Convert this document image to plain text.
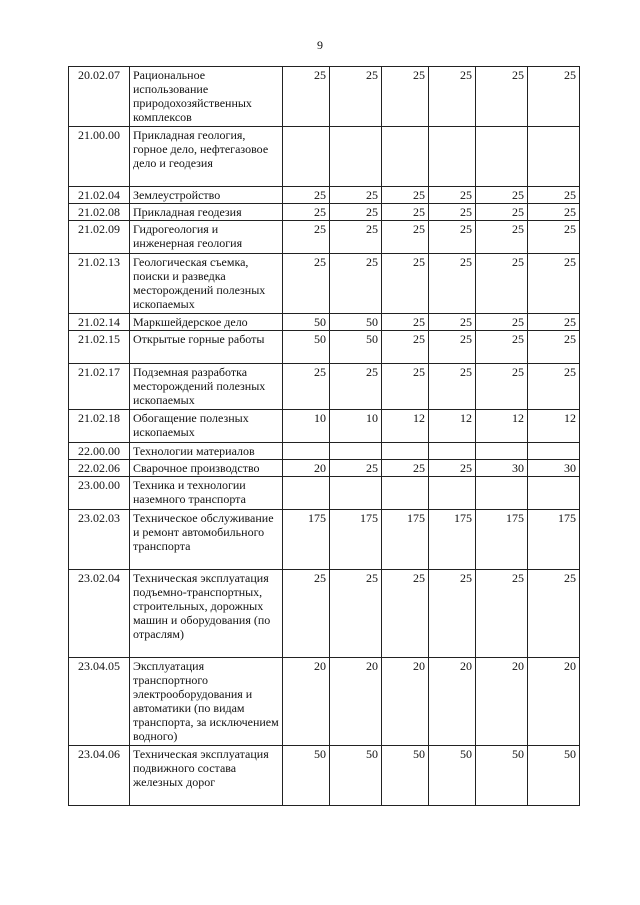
9
20.02.07	Рациональное использование природохозяйственных комплексов	25	25	25	25	25	25
21.00.00	Прикладная геология, горное дело, нефтегазовое дело и геодезия						
21.02.04	Землеустройство	25	25	25	25	25	25
21.02.08	Прикладная геодезия	25	25	25	25	25	25
21.02.09	Гидрогеология и инженерная геология	25	25	25	25	25	25
21.02.13	Геологическая съемка, поиски и разведка месторождений полезных ископаемых	25	25	25	25	25	25
21.02.14	Маркшейдерское дело	50	50	25	25	25	25
21.02.15	Открытые горные работы	50	50	25	25	25	25
21.02.17	Подземная разработка месторождений полезных ископаемых	25	25	25	25	25	25
21.02.18	Обогащение полезных ископаемых	10	10	12	12	12	12
22.00.00	Технологии материалов						
22.02.06	Сварочное производство	20	25	25	25	30	30
23.00.00	Техника и технологии наземного транспорта						
23.02.03	Техническое обслуживание и ремонт автомобильного транспорта	175	175	175	175	175	175
23.02.04	Техническая эксплуатация подъемно-транспортных, строительных, дорожных машин и оборудования (по отраслям)	25	25	25	25	25	25
23.04.05	Эксплуатация транспортного электрооборудования и автоматики (по видам транспорта, за исключением водного)	20	20	20	20	20	20
23.04.06	Техническая эксплуатация подвижного состава железных дорог	50	50	50	50	50	50
